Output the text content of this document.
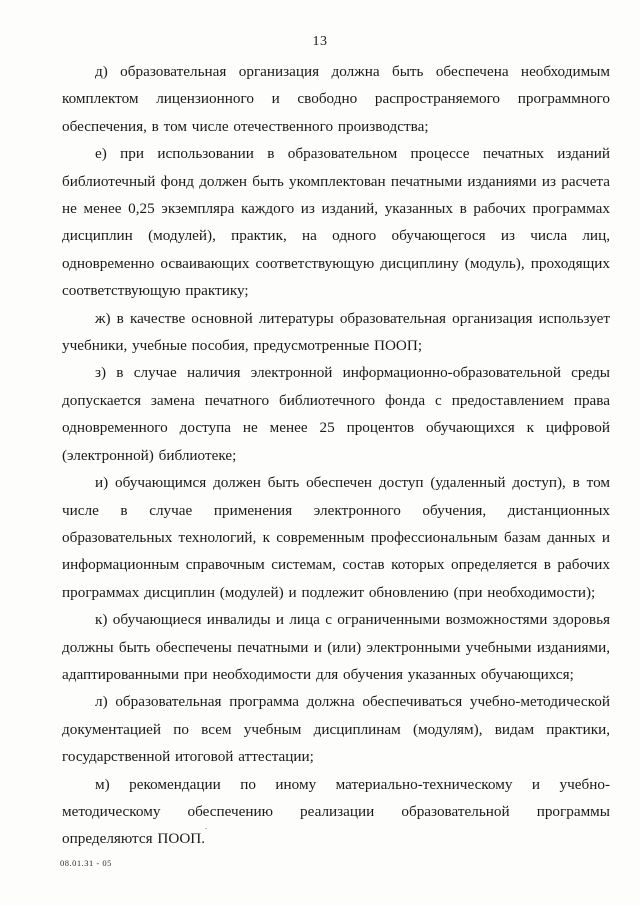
13

д) образовательная организация должна быть обеспечена необходимым комплектом лицензионного и свободно распространяемого программного обеспечения, в том числе отечественного производства;

е) при использовании в образовательном процессе печатных изданий библиотечный фонд должен быть укомплектован печатными изданиями из расчета не менее 0,25 экземпляра каждого из изданий, указанных в рабочих программах дисциплин (модулей), практик, на одного обучающегося из числа лиц, одновременно осваивающих соответствующую дисциплину (модуль), проходящих соответствующую практику;

ж) в качестве основной литературы образовательная организация использует учебники, учебные пособия, предусмотренные ПООП;

з) в случае наличия электронной информационно-образовательной среды допускается замена печатного библиотечного фонда с предоставлением права одновременного доступа не менее 25 процентов обучающихся к цифровой (электронной) библиотеке;

и) обучающимся должен быть обеспечен доступ (удаленный доступ), в том числе в случае применения электронного обучения, дистанционных образовательных технологий, к современным профессиональным базам данных и информационным справочным системам, состав которых определяется в рабочих программах дисциплин (модулей) и подлежит обновлению (при необходимости);

к) обучающиеся инвалиды и лица с ограниченными возможностями здоровья должны быть обеспечены печатными и (или) электронными учебными изданиями, адаптированными при необходимости для обучения указанных обучающихся;

л) образовательная программа должна обеспечиваться учебно-методической документацией по всем учебным дисциплинам (модулям), видам практики, государственной итоговой аттестации;

м) рекомендации по иному материально-техническому и учебно-методическому обеспечению реализации образовательной программы определяются ПООП.

08.01.31 - 05
